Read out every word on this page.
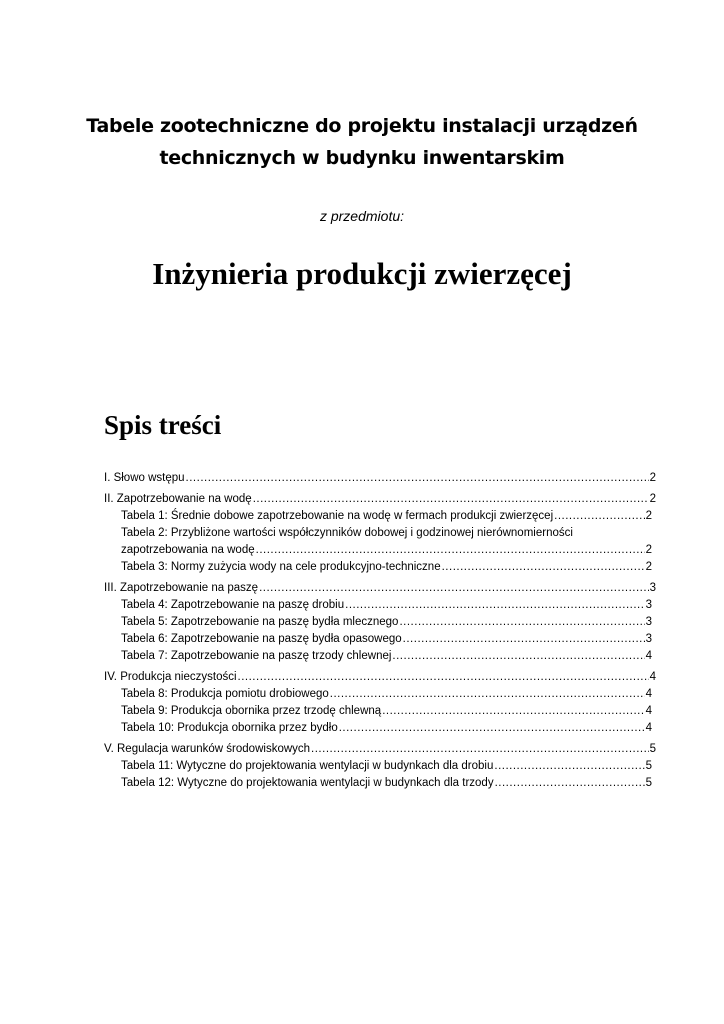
Tabele zootechniczne do projektu instalacji urządzeń
technicznych w budynku inwentarskim
z przedmiotu:
Inżynieria produkcji zwierzęcej
Spis treści
I. Słowo wstępu .....	2
II. Zapotrzebowanie na wodę .....	2
Tabela 1: Średnie dobowe zapotrzebowanie na wodę w fermach produkcji zwierzęcej .....	2
Tabela 2: Przybliżone wartości współczynników dobowej i godzinowej nierównomierności
zapotrzebowania na wodę .....	2
Tabela 3: Normy zużycia wody na cele produkcyjno-techniczne .....	2
III. Zapotrzebowanie na paszę .....	3
Tabela 4: Zapotrzebowanie na paszę drobiu .....	3
Tabela 5: Zapotrzebowanie na paszę bydła mlecznego .....	3
Tabela 6: Zapotrzebowanie na paszę bydła opasowego .....	3
Tabela 7: Zapotrzebowanie na paszę trzody chlewnej .....	4
IV. Produkcja nieczystości .....	4
Tabela 8: Produkcja pomiotu drobiowego .....	4
Tabela 9: Produkcja obornika przez trzodę chlewną .....	4
Tabela 10: Produkcja obornika przez bydło .....	4
V. Regulacja warunków środowiskowych .....	5
Tabela 11: Wytyczne do projektowania wentylacji w budynkach dla drobiu .....	5
Tabela 12: Wytyczne do projektowania wentylacji w budynkach dla trzody .....	5
